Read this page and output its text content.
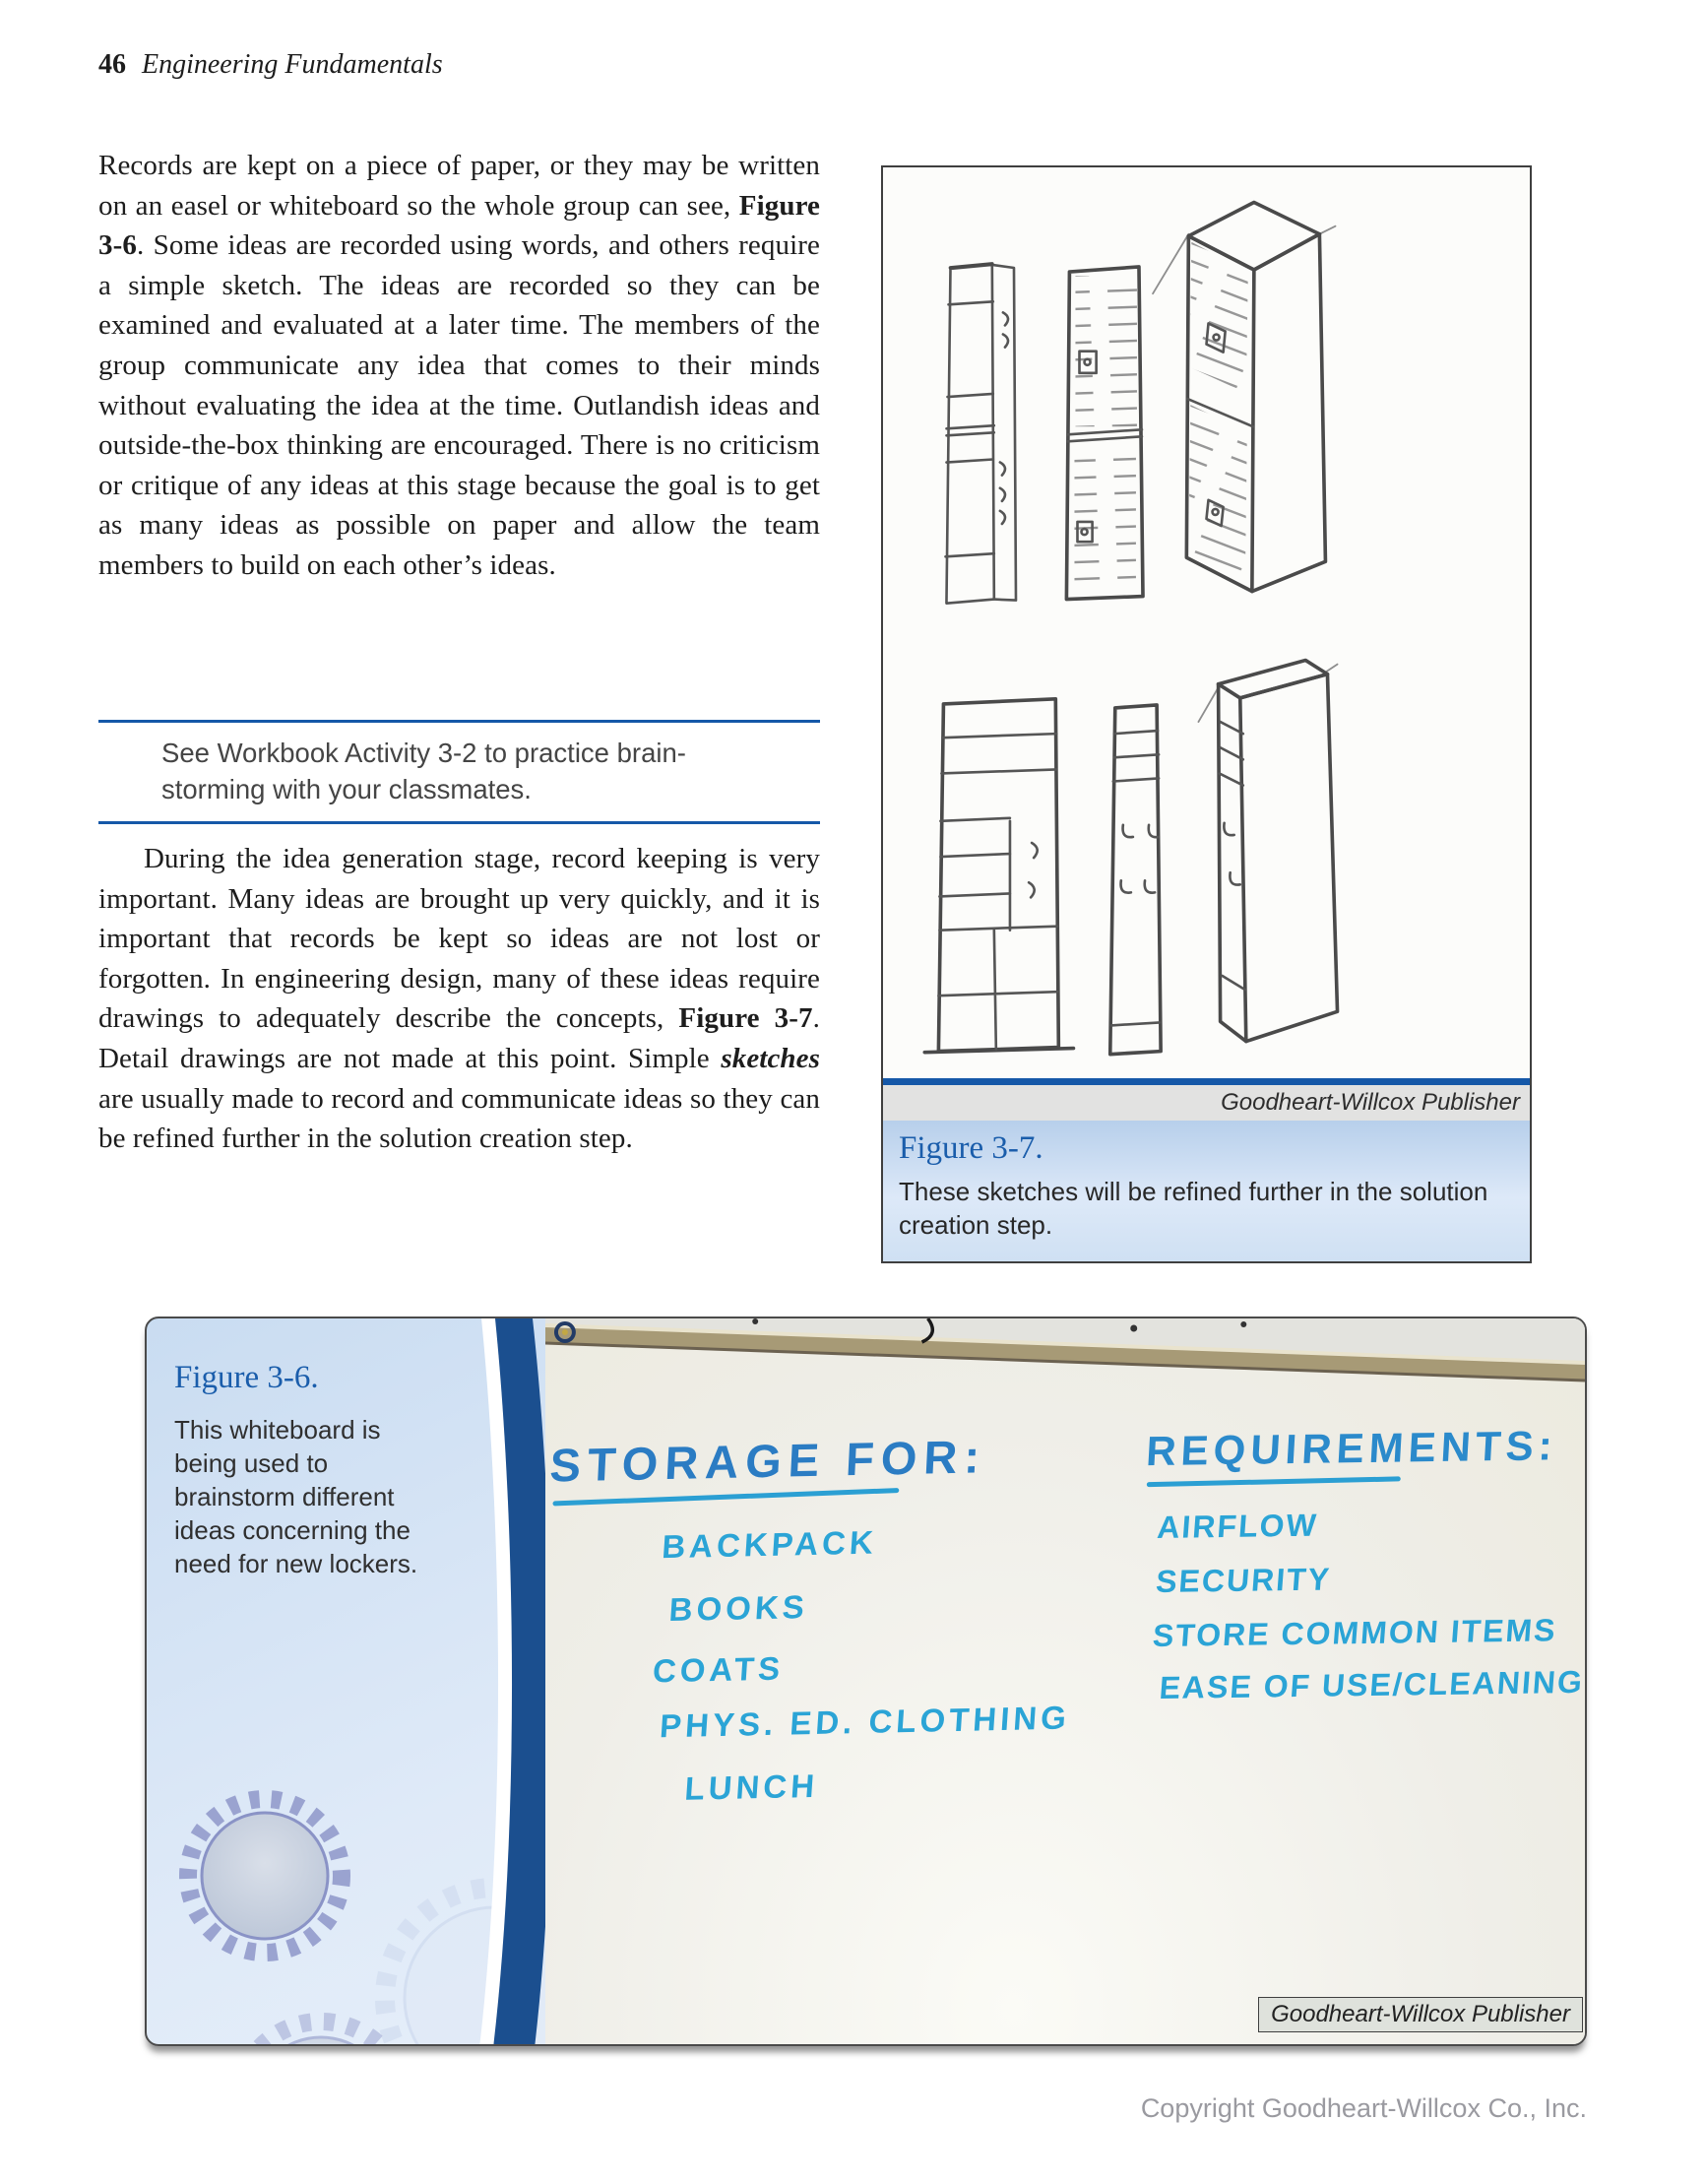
46 Engineering Fundamentals

Records are kept on a piece of paper, or they may be written on an easel or whiteboard so the whole group can see, Figure 3-6. Some ideas are recorded using words, and others require a simple sketch. The ideas are recorded so they can be examined and evaluated at a later time. The members of the group communicate any idea that comes to their minds without evaluating the idea at the time. Outlandish ideas and outside-the-box thinking are encouraged. There is no criticism or critique of any ideas at this stage because the goal is to get as many ideas as possible on paper and allow the team members to build on each other’s ideas.

See Workbook Activity 3-2 to practice brain-
storming with your classmates.

During the idea generation stage, record keeping is very important. Many ideas are brought up very quickly, and it is important that records be kept so ideas are not lost or forgotten. In engineering design, many of these ideas require drawings to adequately describe the concepts, Figure 3-7. Detail drawings are not made at this point. Simple sketches are usually made to record and communicate ideas so they can be refined further in the solution creation step.

Goodheart-Willcox Publisher

Figure 3-7.

These sketches will be refined further in the solution creation step.

Figure 3-6.
This whiteboard is being used to brainstorm different ideas concerning the need for new lockers.
STORAGE FOR:
BACKPACK
BOOKS
COATS
PHYS. ED. CLOTHING
LUNCH
REQUIREMENTS:
AIRFLOW
SECURITY
STORE COMMON ITEMS
EASE OF USE/CLEANING
Goodheart-Willcox Publisher
Copyright Goodheart-Willcox Co., Inc.
